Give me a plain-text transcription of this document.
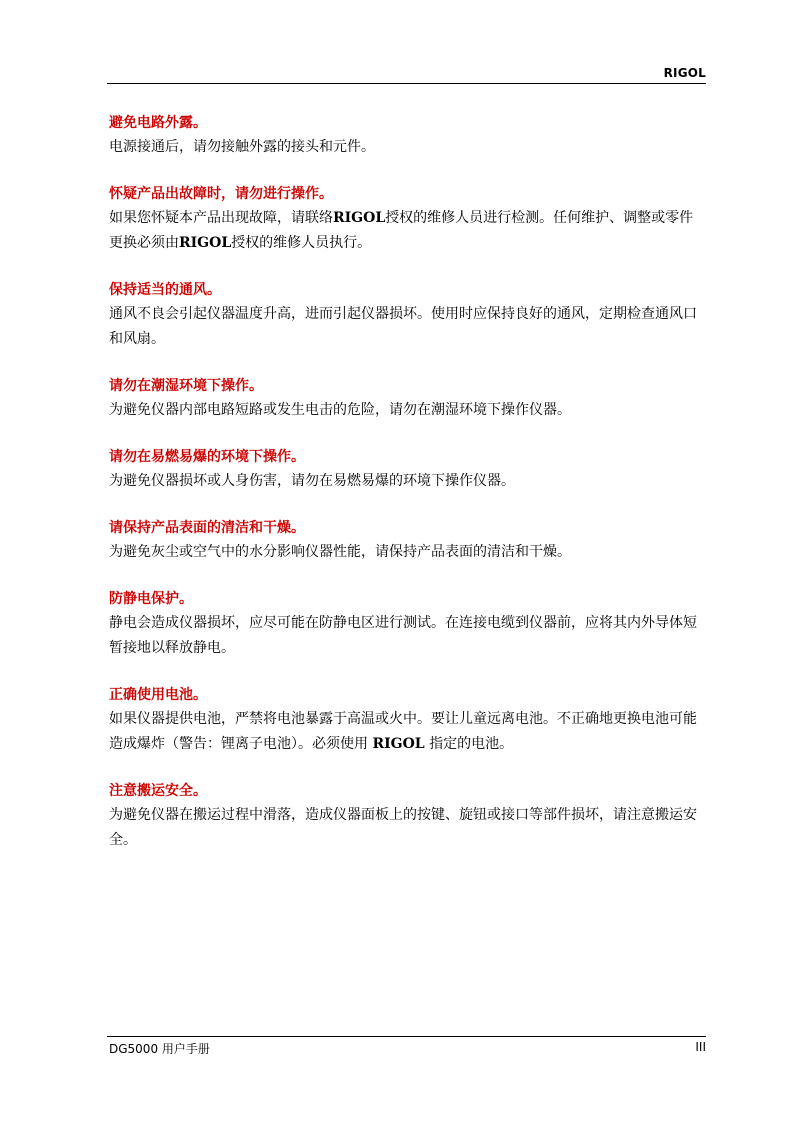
RIGOL

避免电路外露。

电源接通后，请勿接触外露的接头和元件。

怀疑产品出故障时，请勿进行操作。

如果您怀疑本产品出现故障，请联络RIGOL授权的维修人员进行检测。任何维护、调整或零件更换必须由RIGOL授权的维修人员执行。

保持适当的通风。

通风不良会引起仪器温度升高，进而引起仪器损坏。使用时应保持良好的通风，定期检查通风口和风扇。

请勿在潮湿环境下操作。

为避免仪器内部电路短路或发生电击的危险，请勿在潮湿环境下操作仪器。

请勿在易燃易爆的环境下操作。

为避免仪器损坏或人身伤害，请勿在易燃易爆的环境下操作仪器。

请保持产品表面的清洁和干燥。

为避免灰尘或空气中的水分影响仪器性能，请保持产品表面的清洁和干燥。

防静电保护。

静电会造成仪器损坏，应尽可能在防静电区进行测试。在连接电缆到仪器前，应将其内外导体短暂接地以释放静电。

正确使用电池。

如果仪器提供电池，严禁将电池暴露于高温或火中。要让儿童远离电池。不正确地更换电池可能造成爆炸（警告：锂离子电池）。必须使用 RIGOL 指定的电池。

注意搬运安全。

为避免仪器在搬运过程中滑落，造成仪器面板上的按键、旋钮或接口等部件损坏，请注意搬运安全。

DG5000 用户手册	III
